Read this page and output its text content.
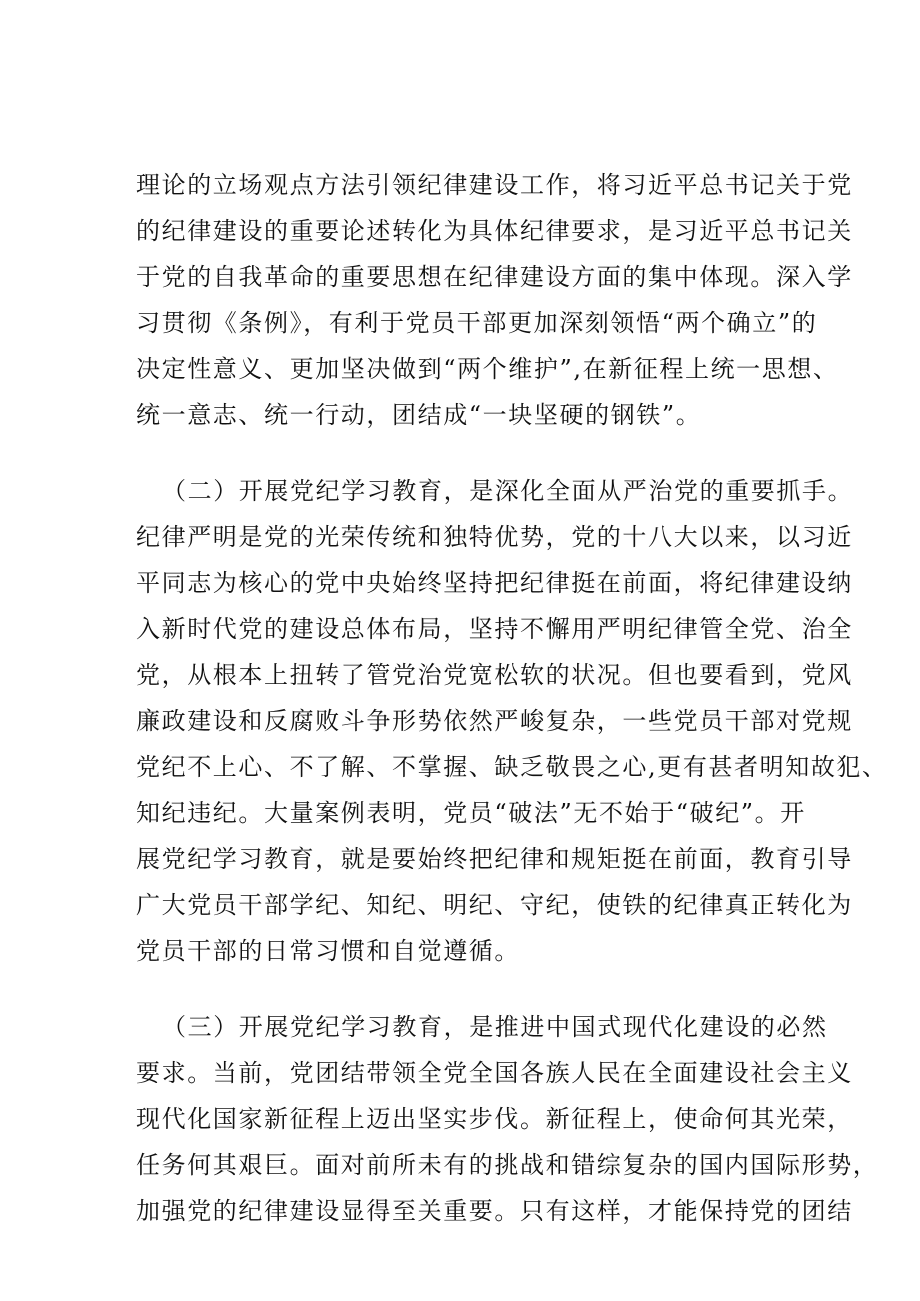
理论的立场观点方法引领纪律建设工作，将习近平总书记关于党
的纪律建设的重要论述转化为具体纪律要求，是习近平总书记关
于党的自我革命的重要思想在纪律建设方面的集中体现。深入学
习贯彻《条例》，有利于党员干部更加深刻领悟“两个确立”的
决定性意义、更加坚决做到“两个维护”,在新征程上统一思想、
统一意志、统一行动，团结成“一块坚硬的钢铁”。
（二）开展党纪学习教育，是深化全面从严治党的重要抓手。
纪律严明是党的光荣传统和独特优势，党的十八大以来，以习近
平同志为核心的党中央始终坚持把纪律挺在前面，将纪律建设纳
入新时代党的建设总体布局，坚持不懈用严明纪律管全党、治全
党，从根本上扭转了管党治党宽松软的状况。但也要看到，党风
廉政建设和反腐败斗争形势依然严峻复杂，一些党员干部对党规
党纪不上心、不了解、不掌握、缺乏敬畏之心,更有甚者明知故犯、
知纪违纪。大量案例表明，党员“破法”无不始于“破纪”。开
展党纪学习教育，就是要始终把纪律和规矩挺在前面，教育引导
广大党员干部学纪、知纪、明纪、守纪，使铁的纪律真正转化为
党员干部的日常习惯和自觉遵循。
（三）开展党纪学习教育，是推进中国式现代化建设的必然
要求。当前，党团结带领全党全国各族人民在全面建设社会主义
现代化国家新征程上迈出坚实步伐。新征程上，使命何其光荣，
任务何其艰巨。面对前所未有的挑战和错综复杂的国内国际形势，
加强党的纪律建设显得至关重要。只有这样，才能保持党的团结
